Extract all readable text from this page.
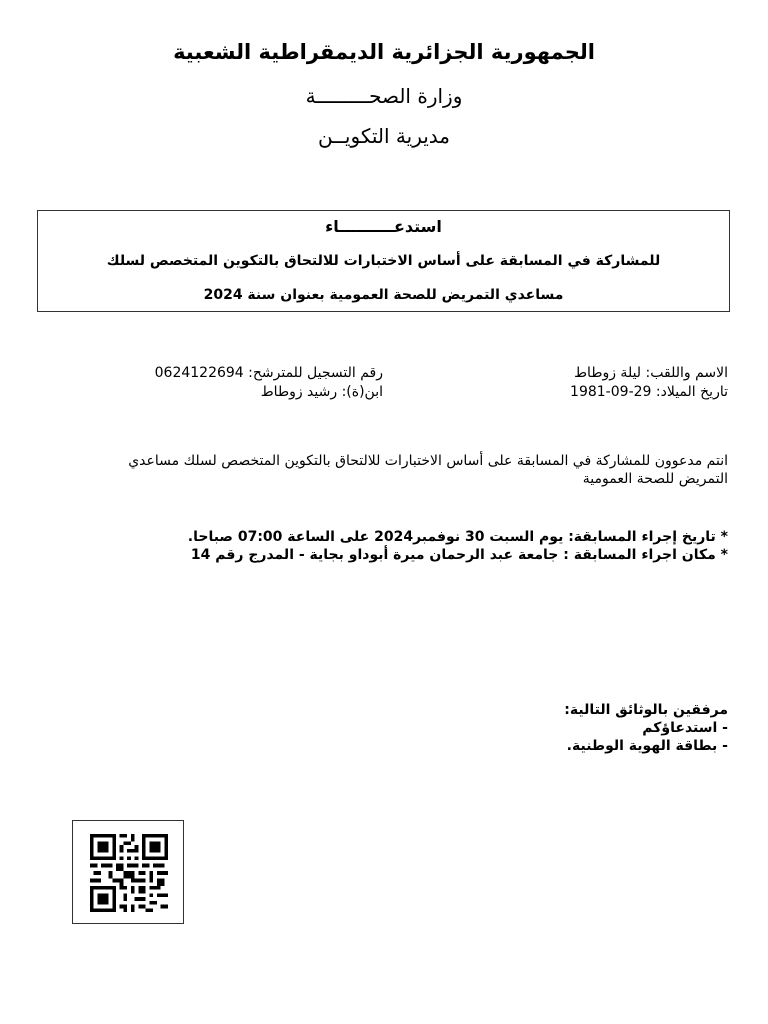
الجمهورية الجزائرية الديمقراطية الشعبية
وزارة الصحـــــــــة
مديرية التكويــن
استدعــــــــــاء
للمشاركة في المسابقة على أساس الاختبارات للالتحاق بالتكوين المتخصص لسلك
مساعدي التمريض للصحة العمومية بعنوان سنة 2024
الاسم واللقب: ليلة زوطاط
تاريخ الميلاد: 29-09-1981
رقم التسجيل للمترشح: 0624122694
ابن(ة): رشيد زوطاط
انتم مدعوون للمشاركة في المسابقة على أساس الاختبارات للالتحاق بالتكوين المتخصص لسلك مساعدي التمريض للصحة العمومية
* تاريخ إجراء المسابقة: يوم السبت 30 نوفمبر2024 على الساعة 07:00 صباحا.
* مكان اجراء المسابقة : جامعة عبد الرحمان ميرة أبوداو بجاية - المدرج رقم 14
مرفقين بالوثائق التالية:
- استدعاؤكم
- بطاقة الهوية الوطنية.
